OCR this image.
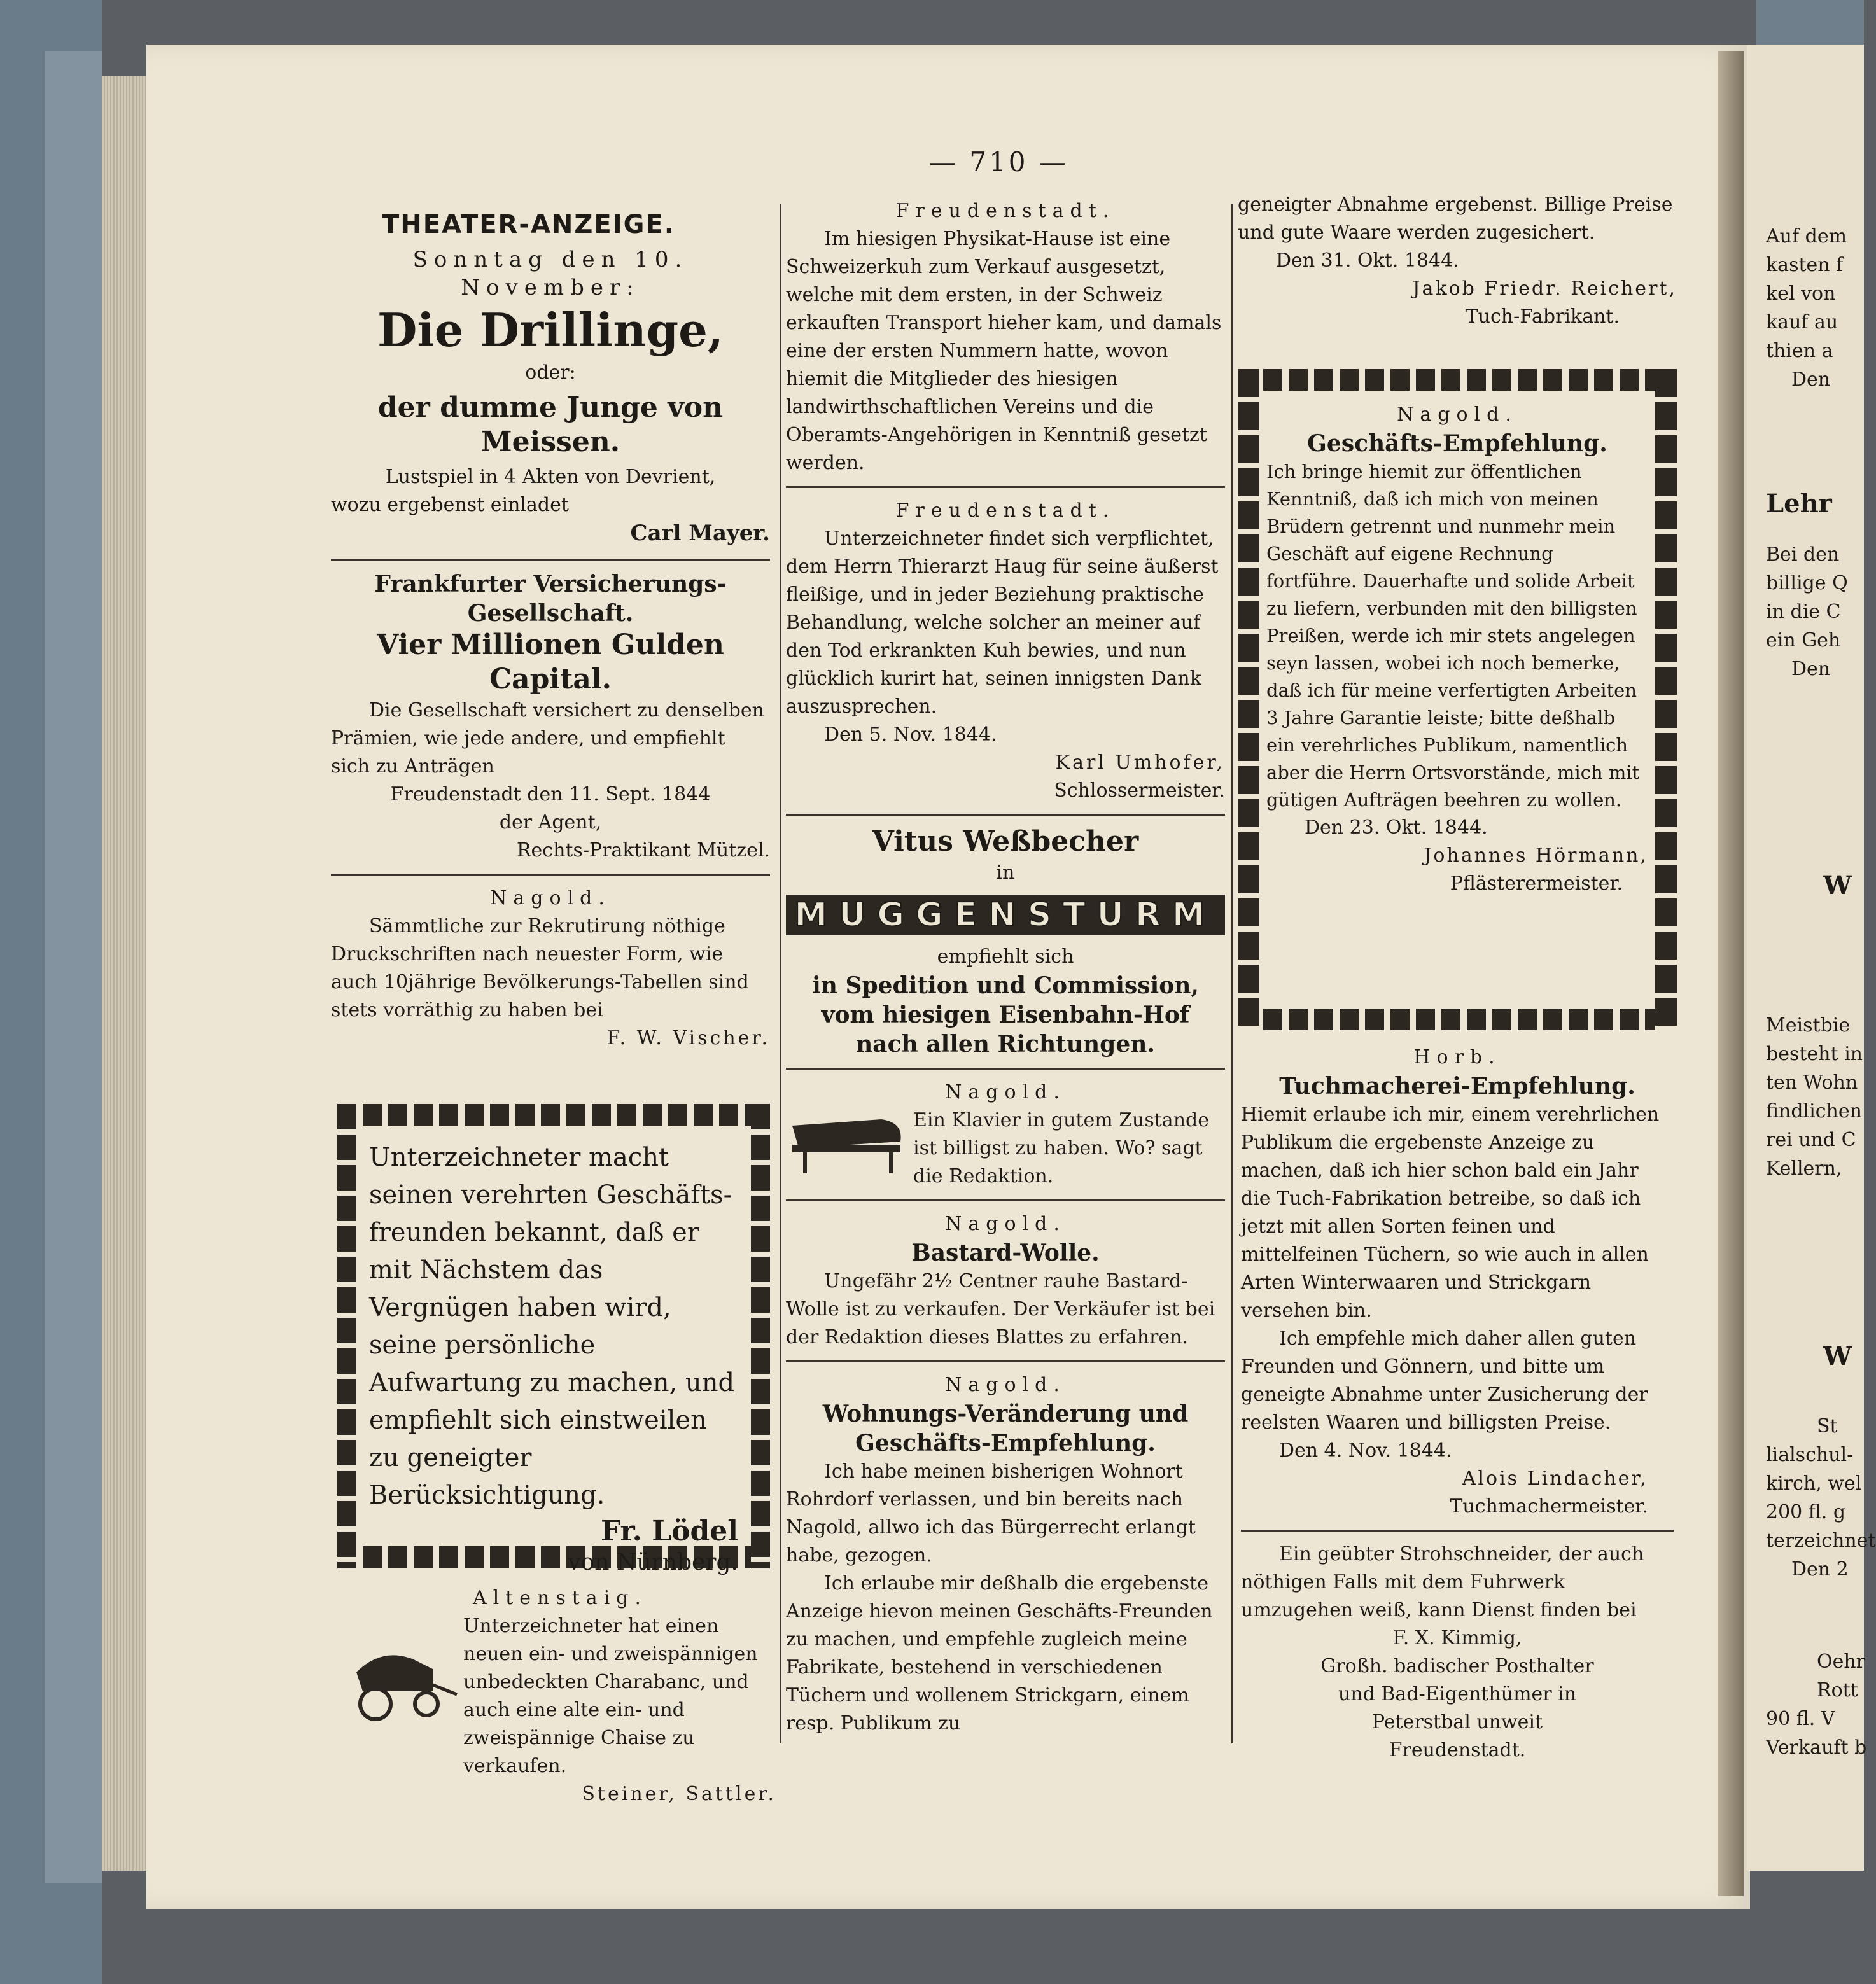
— 710 —
THEATER-ANZEIGE.
Sonntag den 10. November:
Die Drillinge,
oder:
der dumme Junge von
Meissen.
Lustspiel in 4 Akten von Devrient,
wozu ergebenst einladet
Carl Mayer.
Frankfurter Versicherungs-
Gesellschaft.
Vier Millionen Gulden
Capital.
Die Gesellschaft versichert zu denselben Prämien, wie jede andere, und empfiehlt sich zu Anträgen
Freudenstadt den 11. Sept. 1844
der Agent,
Rechts-Praktikant Mützel.
Nagold.
Sämmtliche zur Rekrutirung nöthige Druckschriften nach neuester Form, wie auch 10jährige Bevölkerungs-Tabellen sind stets vorräthig zu haben bei
F. W. Vischer.
Unterzeichneter macht seinen verehrten Geschäfts-freunden bekannt, daß er mit Nächstem das Vergnügen haben wird, seine persönliche Aufwartung zu machen, und empfiehlt sich einstweilen zu geneigter Berücksichtigung.
Fr. Lödel
von Nürnberg.
Altenstaig.
Unterzeichneter hat einen neuen ein- und zweispännigen unbedeckten Charabanc, und auch eine alte ein- und zweispännige Chaise zu verkaufen.
Steiner, Sattler.
Freudenstadt.
Im hiesigen Physikat-Hause ist eine Schweizerkuh zum Verkauf ausgesetzt, welche mit dem ersten, in der Schweiz erkauften Transport hieher kam, und damals eine der ersten Nummern hatte, wovon hiemit die Mitglieder des hiesigen landwirthschaftlichen Vereins und die Oberamts-Angehörigen in Kenntniß gesetzt werden.
Freudenstadt.
Unterzeichneter findet sich verpflichtet, dem Herrn Thierarzt Haug für seine äußerst fleißige, und in jeder Beziehung praktische Behandlung, welche solcher an meiner auf den Tod erkrankten Kuh bewies, und nun glücklich kurirt hat, seinen innigsten Dank auszusprechen.
Den 5. Nov. 1844.
Karl Umhofer,
Schlossermeister.
Vitus Weßbecher
in
MUGGENSTURM
empfiehlt sich
in Spedition und Commission,
vom hiesigen Eisenbahn-Hof
nach allen Richtungen.
Nagold.
Ein Klavier in gutem Zustande ist billigst zu haben. Wo? sagt die Redaktion.
Nagold.
Bastard-Wolle.
Ungefähr 2½ Centner rauhe Bastard-Wolle ist zu verkaufen. Der Verkäufer ist bei der Redaktion dieses Blattes zu erfahren.
Nagold.
Wohnungs-Veränderung und
Geschäfts-Empfehlung.
Ich habe meinen bisherigen Wohnort Rohrdorf verlassen, und bin bereits nach Nagold, allwo ich das Bürgerrecht erlangt habe, gezogen.
Ich erlaube mir deßhalb die ergebenste Anzeige hievon meinen Geschäfts-Freunden zu machen, und empfehle zugleich meine Fabrikate, bestehend in verschiedenen Tüchern und wollenem Strickgarn, einem resp. Publikum zu
geneigter Abnahme ergebenst. Billige Preise und gute Waare werden zugesichert.
Den 31. Okt. 1844.
Jakob Friedr. Reichert,
Tuch-Fabrikant.
Nagold.
Geschäfts-Empfehlung.
Ich bringe hiemit zur öffentlichen Kenntniß, daß ich mich von meinen Brüdern getrennt und nunmehr mein Geschäft auf eigene Rechnung fortführe. Dauerhafte und solide Arbeit zu liefern, verbunden mit den billigsten Preißen, werde ich mir stets angelegen seyn lassen, wobei ich noch bemerke, daß ich für meine verfertigten Arbeiten 3 Jahre Garantie leiste; bitte deßhalb ein verehrliches Publikum, namentlich aber die Herrn Ortsvorstände, mich mit gütigen Aufträgen beehren zu wollen.
Den 23. Okt. 1844.
Johannes Hörmann,
Pflästerermeister.
Horb.
Tuchmacherei-Empfehlung.
Hiemit erlaube ich mir, einem verehrlichen Publikum die ergebenste Anzeige zu machen, daß ich hier schon bald ein Jahr die Tuch-Fabrikation betreibe, so daß ich jetzt mit allen Sorten feinen und mittelfeinen Tüchern, so wie auch in allen Arten Winterwaaren und Strickgarn versehen bin.
Ich empfehle mich daher allen guten Freunden und Gönnern, und bitte um geneigte Abnahme unter Zusicherung der reelsten Waaren und billigsten Preise.
Den 4. Nov. 1844.
Alois Lindacher,
Tuchmachermeister.
Ein geübter Strohschneider, der auch nöthigen Falls mit dem Fuhrwerk umzugehen weiß, kann Dienst finden bei
F. X. Kimmig,
Großh. badischer Posthalter
und Bad-Eigenthümer in
Peterstbal unweit
Freudenstadt.
Auf dem
kasten f
kel von
kauf au
thien a
Den
Lehr
Bei den
billige Q
in die C
ein Geh
Den
W
Meistbie
besteht in
ten Wohn
findlichen
rei und C
Kellern,
W
St
lialschul-
kirch, wel
200 fl. g
terzeichnet
Den 2
Oehr
Rott
90 fl. V
Verkauft b
